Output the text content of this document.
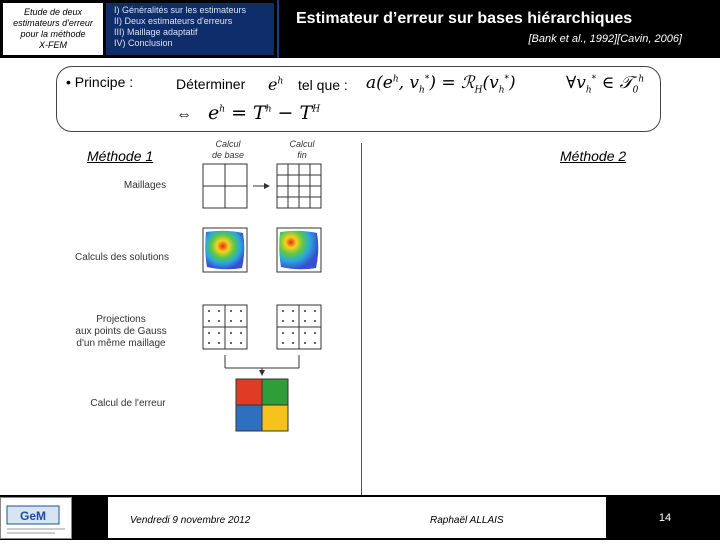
Etude de deux
estimateurs d'erreur
pour la méthode
X-FEM
I) Généralités sur les estimateurs
II) Deux estimateurs d'erreurs
III) Maillage adaptatif
IV) Conclusion
Estimateur d’erreur sur bases hiérarchiques
[Bank et al., 1992][Cavin, 2006]
• Principe :	Déterminer $e^h$ tel que : $a(e^h$, $v_h^*$) = $ℛ_H(v_h^*)$	$\forall v_h^*$ ∈ 𝒯$_0^h$
⇔ $e^h = T^h - T^H$
Méthode 1	Méthode 2
Calcul
de base
Calcul
fin
Maillages
Calculs des solutions
Projections
aux points de Gauss
d'un même maillage
Calcul de l'erreur
GeM	Vendredi 9 novembre 2012	Raphaël ALLAIS	14
